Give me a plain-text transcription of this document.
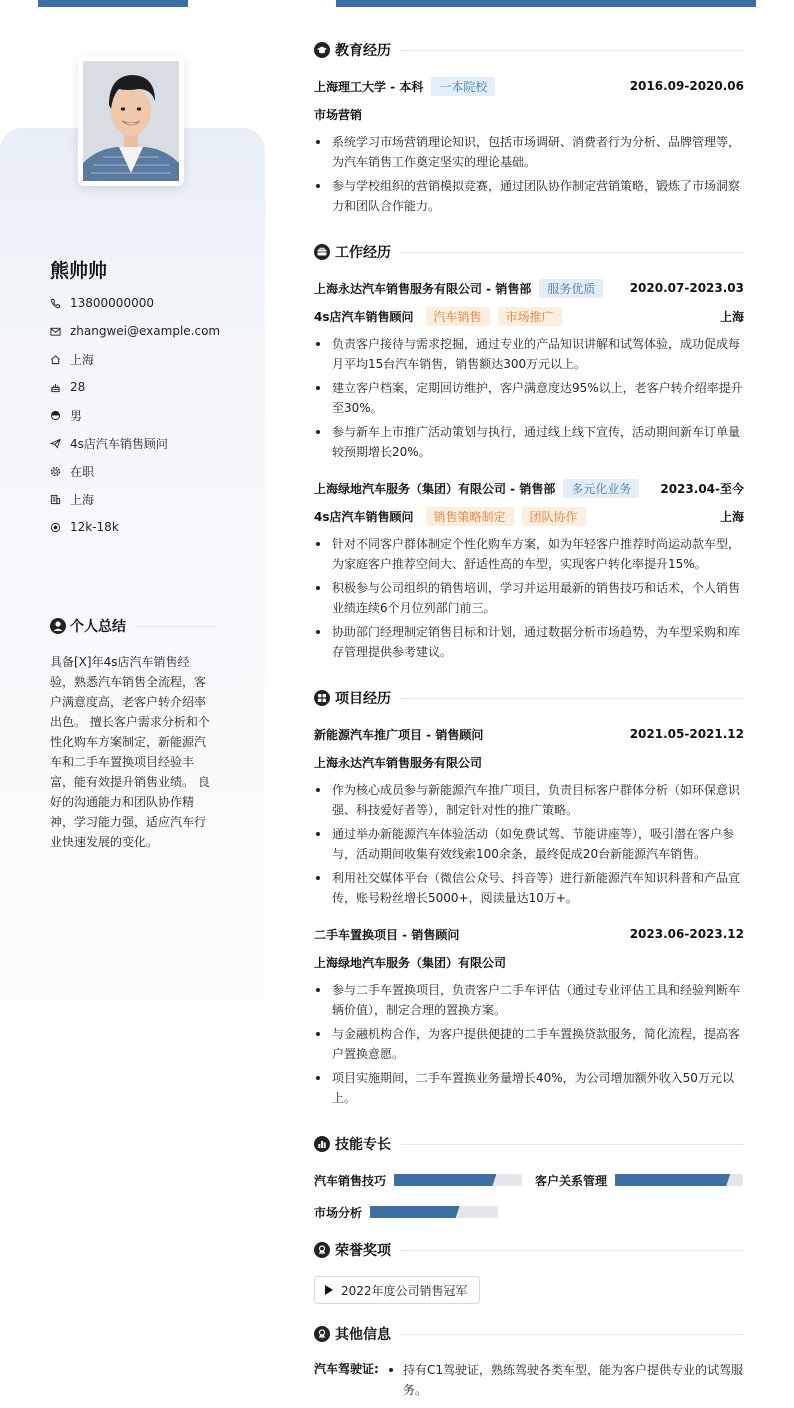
熊帅帅
13800000000
zhangwei@example.com
上海
28
男
4s店汽车销售顾问
在职
上海
12k-18k
个人总结
具备[X]年4s店汽车销售经验，熟悉汽车销售全流程，客户满意度高，老客户转介绍率出色。 擅长客户需求分析和个性化购车方案制定，新能源汽车和二手车置换项目经验丰富，能有效提升销售业绩。 良好的沟通能力和团队协作精神，学习能力强，适应汽车行业快速发展的变化。
教育经历
上海理工大学 - 本科	一本院校	2016.09-2020.06
市场营销
系统学习市场营销理论知识，包括市场调研、消费者行为分析、品牌管理等，为汽车销售工作奠定坚实的理论基础。
参与学校组织的营销模拟竞赛，通过团队协作制定营销策略，锻炼了市场洞察力和团队合作能力。
工作经历
上海永达汽车销售服务有限公司 - 销售部	服务优质	2020.07-2023.03
4s店汽车销售顾问	汽车销售	市场推广	上海
负责客户接待与需求挖掘，通过专业的产品知识讲解和试驾体验，成功促成每月平均15台汽车销售，销售额达300万元以上。
建立客户档案，定期回访维护，客户满意度达95%以上，老客户转介绍率提升至30%。
参与新车上市推广活动策划与执行，通过线上线下宣传，活动期间新车订单量较预期增长20%。
上海绿地汽车服务（集团）有限公司 - 销售部	多元化业务	2023.04-至今
4s店汽车销售顾问	销售策略制定	团队协作	上海
针对不同客户群体制定个性化购车方案，如为年轻客户推荐时尚运动款车型，为家庭客户推荐空间大、舒适性高的车型，实现客户转化率提升15%。
积极参与公司组织的销售培训，学习并运用最新的销售技巧和话术，个人销售业绩连续6个月位列部门前三。
协助部门经理制定销售目标和计划，通过数据分析市场趋势，为车型采购和库存管理提供参考建议。
项目经历
新能源汽车推广项目 - 销售顾问	2021.05-2021.12
上海永达汽车销售服务有限公司
作为核心成员参与新能源汽车推广项目，负责目标客户群体分析（如环保意识强、科技爱好者等），制定针对性的推广策略。
通过举办新能源汽车体验活动（如免费试驾、节能讲座等），吸引潜在客户参与，活动期间收集有效线索100余条，最终促成20台新能源汽车销售。
利用社交媒体平台（微信公众号、抖音等）进行新能源汽车知识科普和产品宣传，账号粉丝增长5000+，阅读量达10万+。
二手车置换项目 - 销售顾问	2023.06-2023.12
上海绿地汽车服务（集团）有限公司
参与二手车置换项目，负责客户二手车评估（通过专业评估工具和经验判断车辆价值），制定合理的置换方案。
与金融机构合作，为客户提供便捷的二手车置换贷款服务，简化流程，提高客户置换意愿。
项目实施期间，二手车置换业务量增长40%，为公司增加额外收入50万元以上。
技能专长
汽车销售技巧	客户关系管理
市场分析
荣誉奖项
2022年度公司销售冠军
其他信息
汽车驾驶证:	持有C1驾驶证，熟练驾驶各类车型，能为客户提供专业的试驾服务。
